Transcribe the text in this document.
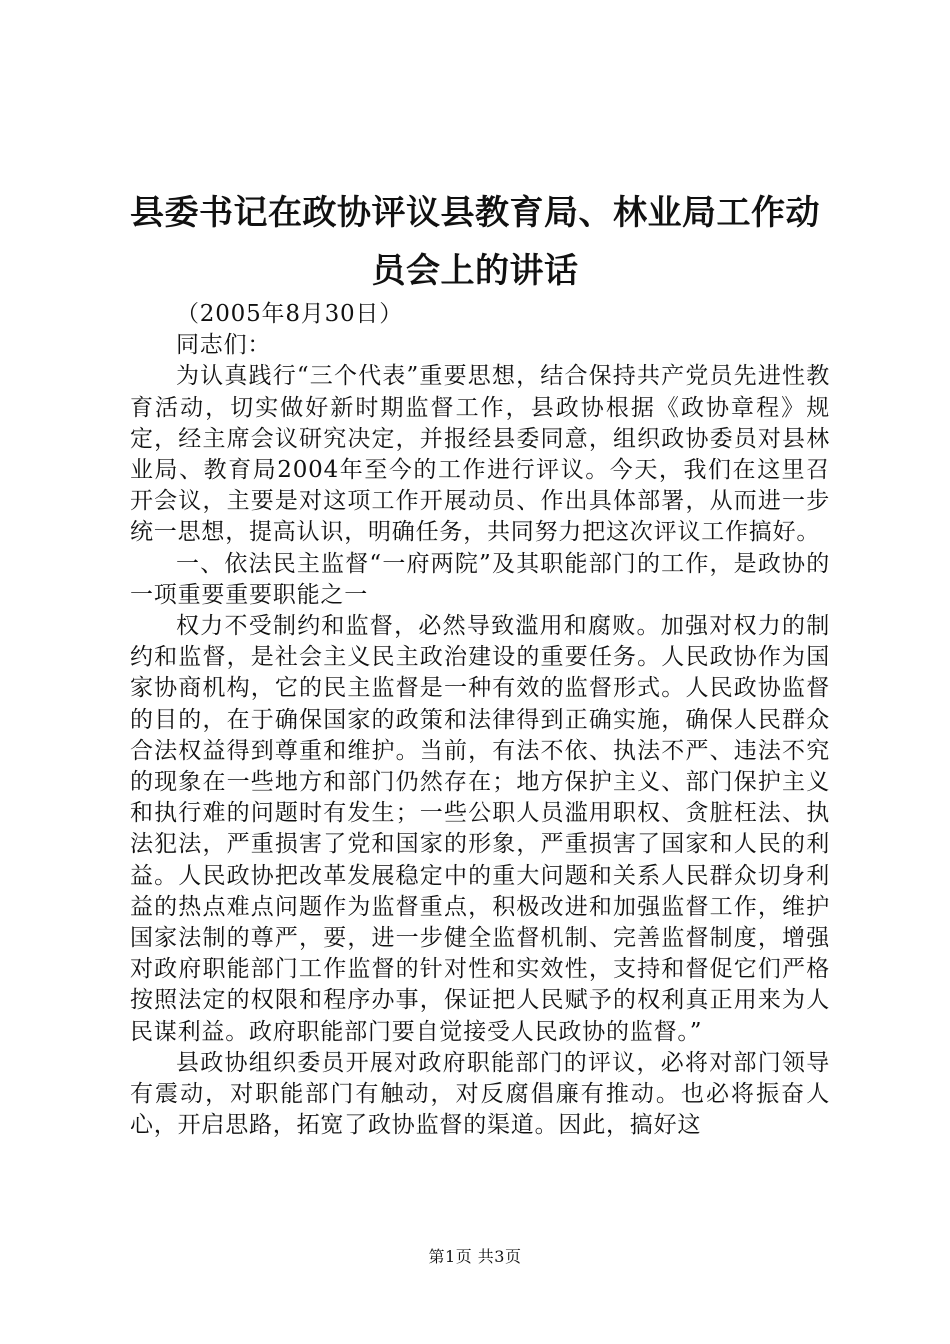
县委书记在政协评议县教育局、林业局工作动
员会上的讲话

（2005年8月30日）

同志们：

为认真践行“三个代表”重要思想，结合保持共产党员先进性教育活动，切实做好新时期监督工作，县政协根据《政协章程》规定，经主席会议研究决定，并报经县委同意，组织政协委员对县林业局、教育局2004年至今的工作进行评议。今天，我们在这里召开会议，主要是对这项工作开展动员、作出具体部署，从而进一步统一思想，提高认识，明确任务，共同努力把这次评议工作搞好。

一、依法民主监督“一府两院”及其职能部门的工作，是政协的一项重要重要职能之一

权力不受制约和监督，必然导致滥用和腐败。加强对权力的制约和监督，是社会主义民主政治建设的重要任务。人民政协作为国家协商机构，它的民主监督是一种有效的监督形式。人民政协监督的目的，在于确保国家的政策和法律得到正确实施，确保人民群众合法权益得到尊重和维护。当前，有法不依、执法不严、违法不究的现象在一些地方和部门仍然存在；地方保护主义、部门保护主义和执行难的问题时有发生；一些公职人员滥用职权、贪脏枉法、执法犯法，严重损害了党和国家的形象，严重损害了国家和人民的利益。人民政协把改革发展稳定中的重大问题和关系人民群众切身利益的热点难点问题作为监督重点，积极改进和加强监督工作，维护国家法制的尊严，要，进一步健全监督机制、完善监督制度，增强对政府职能部门工作监督的针对性和实效性，支持和督促它们严格按照法定的权限和程序办事，保证把人民赋予的权利真正用来为人民谋利益。政府职能部门要自觉接受人民政协的监督。”

县政协组织委员开展对政府职能部门的评议，必将对部门领导有震动，对职能部门有触动，对反腐倡廉有推动。也必将振奋人心，开启思路，拓宽了政协监督的渠道。因此，搞好这

第1页 共3页
